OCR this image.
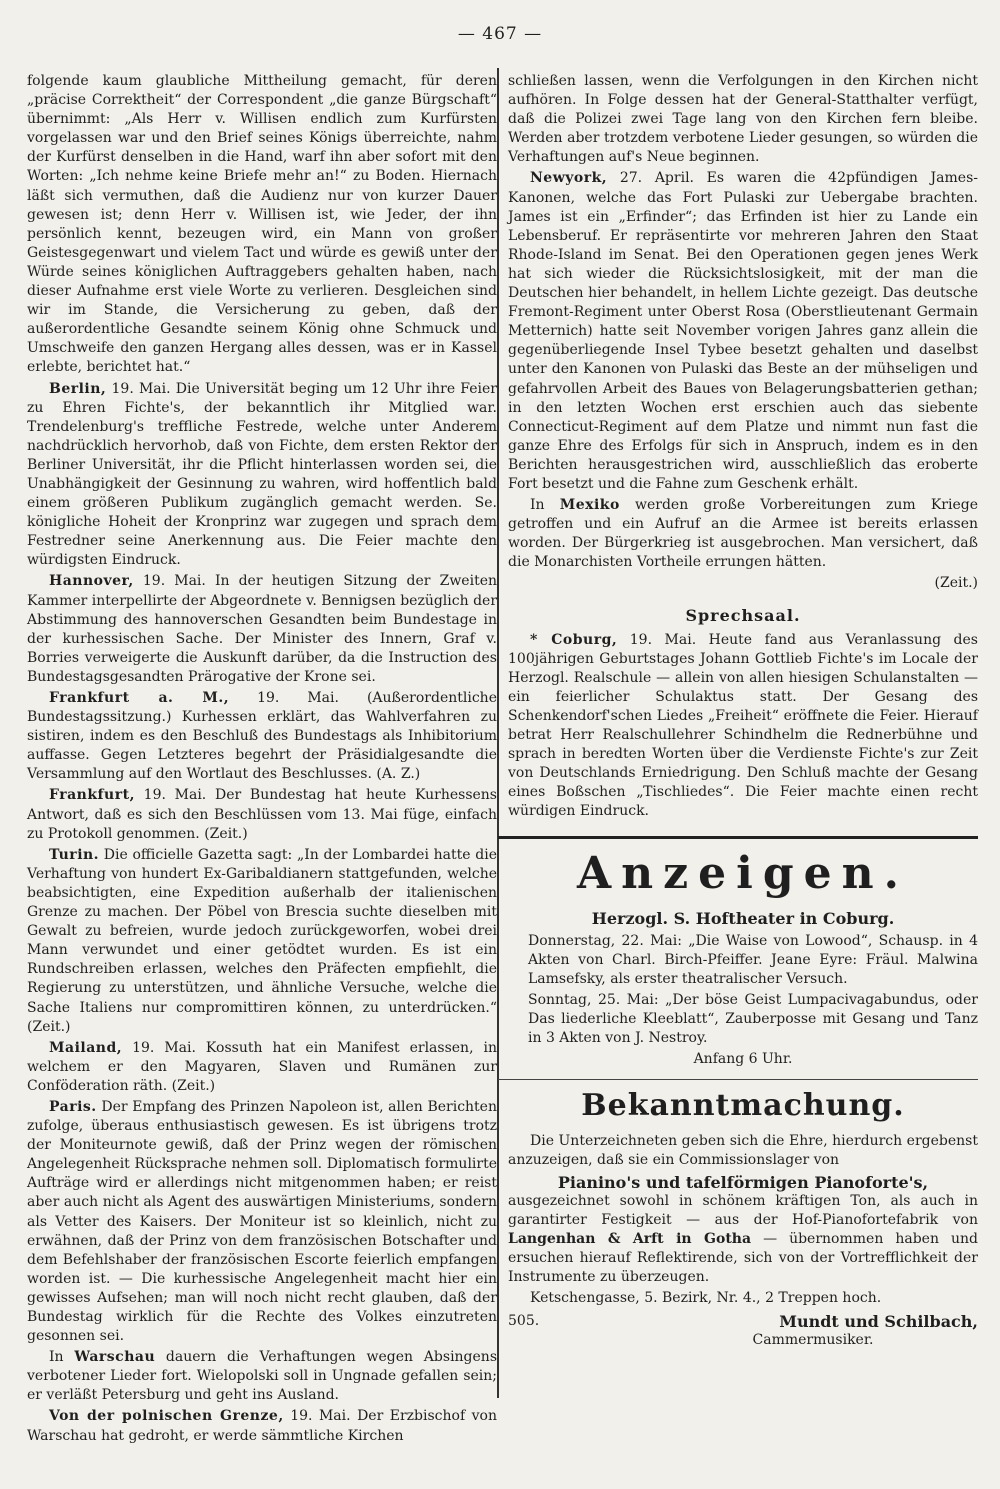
— 467 —

folgende kaum glaubliche Mittheilung gemacht, für deren „präcise Correktheit“ der Correspondent „die ganze Bürgschaft“ übernimmt: „Als Herr v. Willisen endlich zum Kurfürsten vorgelassen war und den Brief seines Königs überreichte, nahm der Kurfürst denselben in die Hand, warf ihn aber sofort mit den Worten: „Ich nehme keine Briefe mehr an!“ zu Boden. Hiernach läßt sich vermuthen, daß die Audienz nur von kurzer Dauer gewesen ist; denn Herr v. Willisen ist, wie Jeder, der ihn persönlich kennt, bezeugen wird, ein Mann von großer Geistesgegenwart und vielem Tact und würde es gewiß unter der Würde seines königlichen Auftraggebers gehalten haben, nach dieser Aufnahme erst viele Worte zu verlieren. Desgleichen sind wir im Stande, die Versicherung zu geben, daß der außerordentliche Gesandte seinem König ohne Schmuck und Umschweife den ganzen Hergang alles dessen, was er in Kassel erlebte, berichtet hat.“

Berlin, 19. Mai. Die Universität beging um 12 Uhr ihre Feier zu Ehren Fichte's, der bekanntlich ihr Mitglied war. Trendelenburg's treffliche Festrede, welche unter Anderem nachdrücklich hervorhob, daß von Fichte, dem ersten Rektor der Berliner Universität, ihr die Pflicht hinterlassen worden sei, die Unabhängigkeit der Gesinnung zu wahren, wird hoffentlich bald einem größeren Publikum zugänglich gemacht werden. Se. königliche Hoheit der Kronprinz war zugegen und sprach dem Festredner seine Anerkennung aus. Die Feier machte den würdigsten Eindruck.

Hannover, 19. Mai. In der heutigen Sitzung der Zweiten Kammer interpellirte der Abgeordnete v. Bennigsen bezüglich der Abstimmung des hannoverschen Gesandten beim Bundestage in der kurhessischen Sache. Der Minister des Innern, Graf v. Borries verweigerte die Auskunft darüber, da die Instruction des Bundestagsgesandten Prärogative der Krone sei.

Frankfurt a. M., 19. Mai. (Außerordentliche Bundestagssitzung.) Kurhessen erklärt, das Wahlverfahren zu sistiren, indem es den Beschluß des Bundestags als Inhibitorium auffasse. Gegen Letzteres begehrt der Präsidialgesandte die Versammlung auf den Wortlaut des Beschlusses. (A. Z.)

Frankfurt, 19. Mai. Der Bundestag hat heute Kurhessens Antwort, daß es sich den Beschlüssen vom 13. Mai füge, einfach zu Protokoll genommen. (Zeit.)

Turin. Die officielle Gazetta sagt: „In der Lombardei hatte die Verhaftung von hundert Ex-Garibaldianern stattgefunden, welche beabsichtigten, eine Expedition außerhalb der italienischen Grenze zu machen. Der Pöbel von Brescia suchte dieselben mit Gewalt zu befreien, wurde jedoch zurückgeworfen, wobei drei Mann verwundet und einer getödtet wurden. Es ist ein Rundschreiben erlassen, welches den Präfecten empfiehlt, die Regierung zu unterstützen, und ähnliche Versuche, welche die Sache Italiens nur compromittiren können, zu unterdrücken.“ (Zeit.)

Mailand, 19. Mai. Kossuth hat ein Manifest erlassen, in welchem er den Magyaren, Slaven und Rumänen zur Conföderation räth. (Zeit.)

Paris. Der Empfang des Prinzen Napoleon ist, allen Berichten zufolge, überaus enthusiastisch gewesen. Es ist übrigens trotz der Moniteurnote gewiß, daß der Prinz wegen der römischen Angelegenheit Rücksprache nehmen soll. Diplomatisch formulirte Aufträge wird er allerdings nicht mitgenommen haben; er reist aber auch nicht als Agent des auswärtigen Ministeriums, sondern als Vetter des Kaisers. Der Moniteur ist so kleinlich, nicht zu erwähnen, daß der Prinz von dem französischen Botschafter und dem Befehlshaber der französischen Escorte feierlich empfangen worden ist. — Die kurhessische Angelegenheit macht hier ein gewisses Aufsehen; man will noch nicht recht glauben, daß der Bundestag wirklich für die Rechte des Volkes einzutreten gesonnen sei.

In Warschau dauern die Verhaftungen wegen Absingens verbotener Lieder fort. Wielopolski soll in Ungnade gefallen sein; er verläßt Petersburg und geht ins Ausland.

Von der polnischen Grenze, 19. Mai. Der Erzbischof von Warschau hat gedroht, er werde sämmtliche Kirchen

schließen lassen, wenn die Verfolgungen in den Kirchen nicht aufhören. In Folge dessen hat der General-Statthalter verfügt, daß die Polizei zwei Tage lang von den Kirchen fern bleibe. Werden aber trotzdem verbotene Lieder gesungen, so würden die Verhaftungen auf's Neue beginnen.

Newyork, 27. April. Es waren die 42pfündigen James-Kanonen, welche das Fort Pulaski zur Uebergabe brachten. James ist ein „Erfinder“; das Erfinden ist hier zu Lande ein Lebensberuf. Er repräsentirte vor mehreren Jahren den Staat Rhode-Island im Senat. Bei den Operationen gegen jenes Werk hat sich wieder die Rücksichtslosigkeit, mit der man die Deutschen hier behandelt, in hellem Lichte gezeigt. Das deutsche Fremont-Regiment unter Oberst Rosa (Oberstlieutenant Germain Metternich) hatte seit November vorigen Jahres ganz allein die gegenüberliegende Insel Tybee besetzt gehalten und daselbst unter den Kanonen von Pulaski das Beste an der mühseligen und gefahrvollen Arbeit des Baues von Belagerungsbatterien gethan; in den letzten Wochen erst erschien auch das siebente Connecticut-Regiment auf dem Platze und nimmt nun fast die ganze Ehre des Erfolgs für sich in Anspruch, indem es in den Berichten herausgestrichen wird, ausschließlich das eroberte Fort besetzt und die Fahne zum Geschenk erhält.

In Mexiko werden große Vorbereitungen zum Kriege getroffen und ein Aufruf an die Armee ist bereits erlassen worden. Der Bürgerkrieg ist ausgebrochen. Man versichert, daß die Monarchisten Vortheile errungen hätten.

(Zeit.)
Sprechsaal.

* Coburg, 19. Mai. Heute fand aus Veranlassung des 100jährigen Geburtstages Johann Gottlieb Fichte's im Locale der Herzogl. Realschule — allein von allen hiesigen Schulanstalten — ein feierlicher Schulaktus statt. Der Gesang des Schenkendorf'schen Liedes „Freiheit“ eröffnete die Feier. Hierauf betrat Herr Realschullehrer Schindhelm die Rednerbühne und sprach in beredten Worten über die Verdienste Fichte's zur Zeit von Deutschlands Erniedrigung. Den Schluß machte der Gesang eines Boßschen „Tischliedes“. Die Feier machte einen recht würdigen Eindruck.

Anzeigen.
Herzogl. S. Hoftheater in Coburg.

Donnerstag, 22. Mai: „Die Waise von Lowood“, Schausp. in 4 Akten von Charl. Birch-Pfeiffer. Jeane Eyre: Fräul. Malwina Lamsefsky, als erster theatralischer Versuch.

Sonntag, 25. Mai: „Der böse Geist Lumpacivagabundus, oder Das liederliche Kleeblatt“, Zauberposse mit Gesang und Tanz in 3 Akten von J. Nestroy.

Anfang 6 Uhr.
Bekanntmachung.

Die Unterzeichneten geben sich die Ehre, hierdurch ergebenst anzuzeigen, daß sie ein Commissionslager von

Pianino's und tafelförmigen Pianoforte's,

ausgezeichnet sowohl in schönem kräftigen Ton, als auch in garantirter Festigkeit — aus der Hof-Pianofortefabrik von Langenhan & Arft in Gotha — übernommen haben und ersuchen hierauf Reflektirende, sich von der Vortrefflichkeit der Instrumente zu überzeugen.

Ketschengasse, 5. Bezirk, Nr. 4., 2 Treppen hoch.

505.	Mundt und Schilbach,
Cammermusiker.
